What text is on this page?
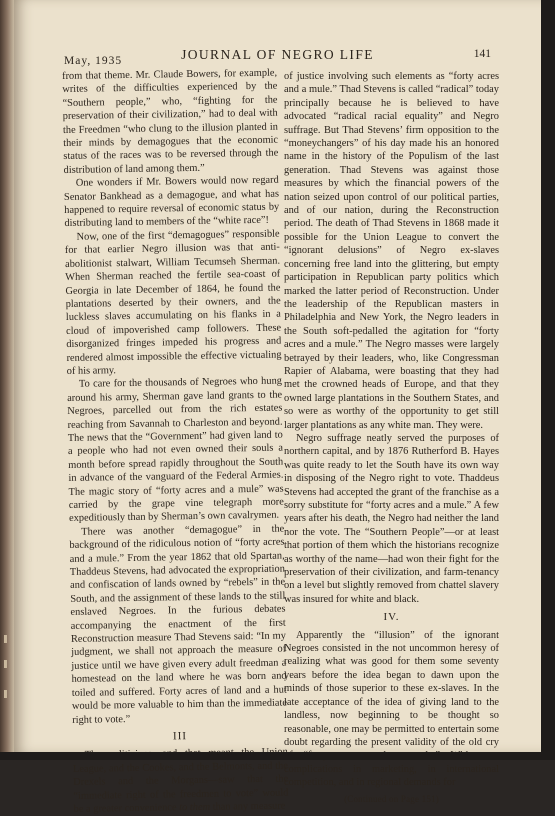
May, 1935	JOURNAL OF NEGRO LIFE	141

from that theme. Mr. Claude Bowers, for example, writes of the difficulties experienced by the “Southern people,” who, “fighting for the preservation of their civilization,” had to deal with the Freedmen “who clung to the illusion planted in their minds by demagogues that the economic status of the races was to be reversed through the distribution of land among them.”

One wonders if Mr. Bowers would now regard Senator Bankhead as a demagogue, and what has happened to require reversal of economic status by distributing land to members of the “white race”!

Now, one of the first “demagogues” responsible for that earlier Negro illusion was that anti-abolitionist stalwart, William Tecumseh Sherman. When Sherman reached the fertile sea-coast of Georgia in late December of 1864, he found the plantations deserted by their owners, and the luckless slaves accumulating on his flanks in a cloud of impoverished camp followers. These disorganized fringes impeded his progress and rendered almost impossible the effective victualing of his army.

To care for the thousands of Negroes who hung around his army, Sherman gave land grants to the Negroes, parcelled out from the rich estates reaching from Savannah to Charleston and beyond. The news that the “Government” had given land to a people who had not even owned their souls a month before spread rapidly throughout the South in advance of the vanguard of the Federal Armies. The magic story of “forty acres and a mule” was carried by the grape vine telegraph more expeditiously than by Sherman’s own cavalrymen.

There was another “demagogue” in the background of the ridiculous notion of “forty acres and a mule.” From the year 1862 that old Spartan, Thaddeus Stevens, had advocated the expropriation and confiscation of lands owned by “rebels” in the South, and the assignment of these lands to the still enslaved Negroes. In the furious debates accompanying the enactment of the first Reconstruction measure Thad Stevens said: “In my judgment, we shall not approach the measure of justice until we have given every adult freedman a homestead on the land where he was born and toiled and suffered. Forty acres of land and a hut would be more valuable to him than the immediate right to vote.”

III

League, and the Cookes, and the Belmonts, and the Drexels and the Morgans—saw that the “immediate right of the freedmen to vote” would be a greater convenience to them than any measure

of justice involving such elements as “forty acres and a mule.” Thad Stevens is called “radical” today principally because he is believed to have advocated “radical racial equality” and Negro suffrage. But Thad Stevens’ firm opposition to the “moneychangers” of his day made his an honored name in the history of the Populism of the last generation. Thad Stevens was against those measures by which the financial powers of the nation seized upon control of our political parties, and of our nation, during the Reconstruction period. The death of Thad Stevens in 1868 made it possible for the Union League to convert the “ignorant delusions” of Negro ex-slaves concerning free land into the glittering, but empty participation in Republican party politics which marked the latter period of Reconstruction. Under the leadership of the Republican masters in Philadelphia and New York, the Negro leaders in the South soft-pedalled the agitation for “forty acres and a mule.” The Negro masses were largely betrayed by their leaders, who, like Congressman Rapier of Alabama, were boasting that they had met the crowned heads of Europe, and that they owned large plantations in the Southern States, and so were as worthy of the opportunity to get still larger plantations as any white man. They were.

Negro suffrage neatly served the purposes of northern capital, and by 1876 Rutherford B. Hayes was quite ready to let the South have its own way in disposing of the Negro right to vote. Thaddeus Stevens had accepted the grant of the franchise as a sorry substitute for “forty acres and a mule.” A few years after his death, the Negro had neither the land nor the vote. The “Southern People”—or at least that portion of them which the historians recognize as worthy of the name—had won their fight for the preservation of their civilization, and farm-tenancy on a level but slightly removed from chattel slavery was insured for white and black.

IV.

Apparently the “illusion” of the ignorant Negroes consisted in the not uncommon heresy of realizing what was good for them some seventy years before the idea began to dawn upon the minds of those superior to these ex-slaves. In the late acceptance of the idea of giving land to the landless, now beginning to be thought so reasonable, one may be permitted to entertain some doubt regarding the present validity of the old cry complications in marketing, in international competition, and in regional demands for

(Continued on Page 151)
